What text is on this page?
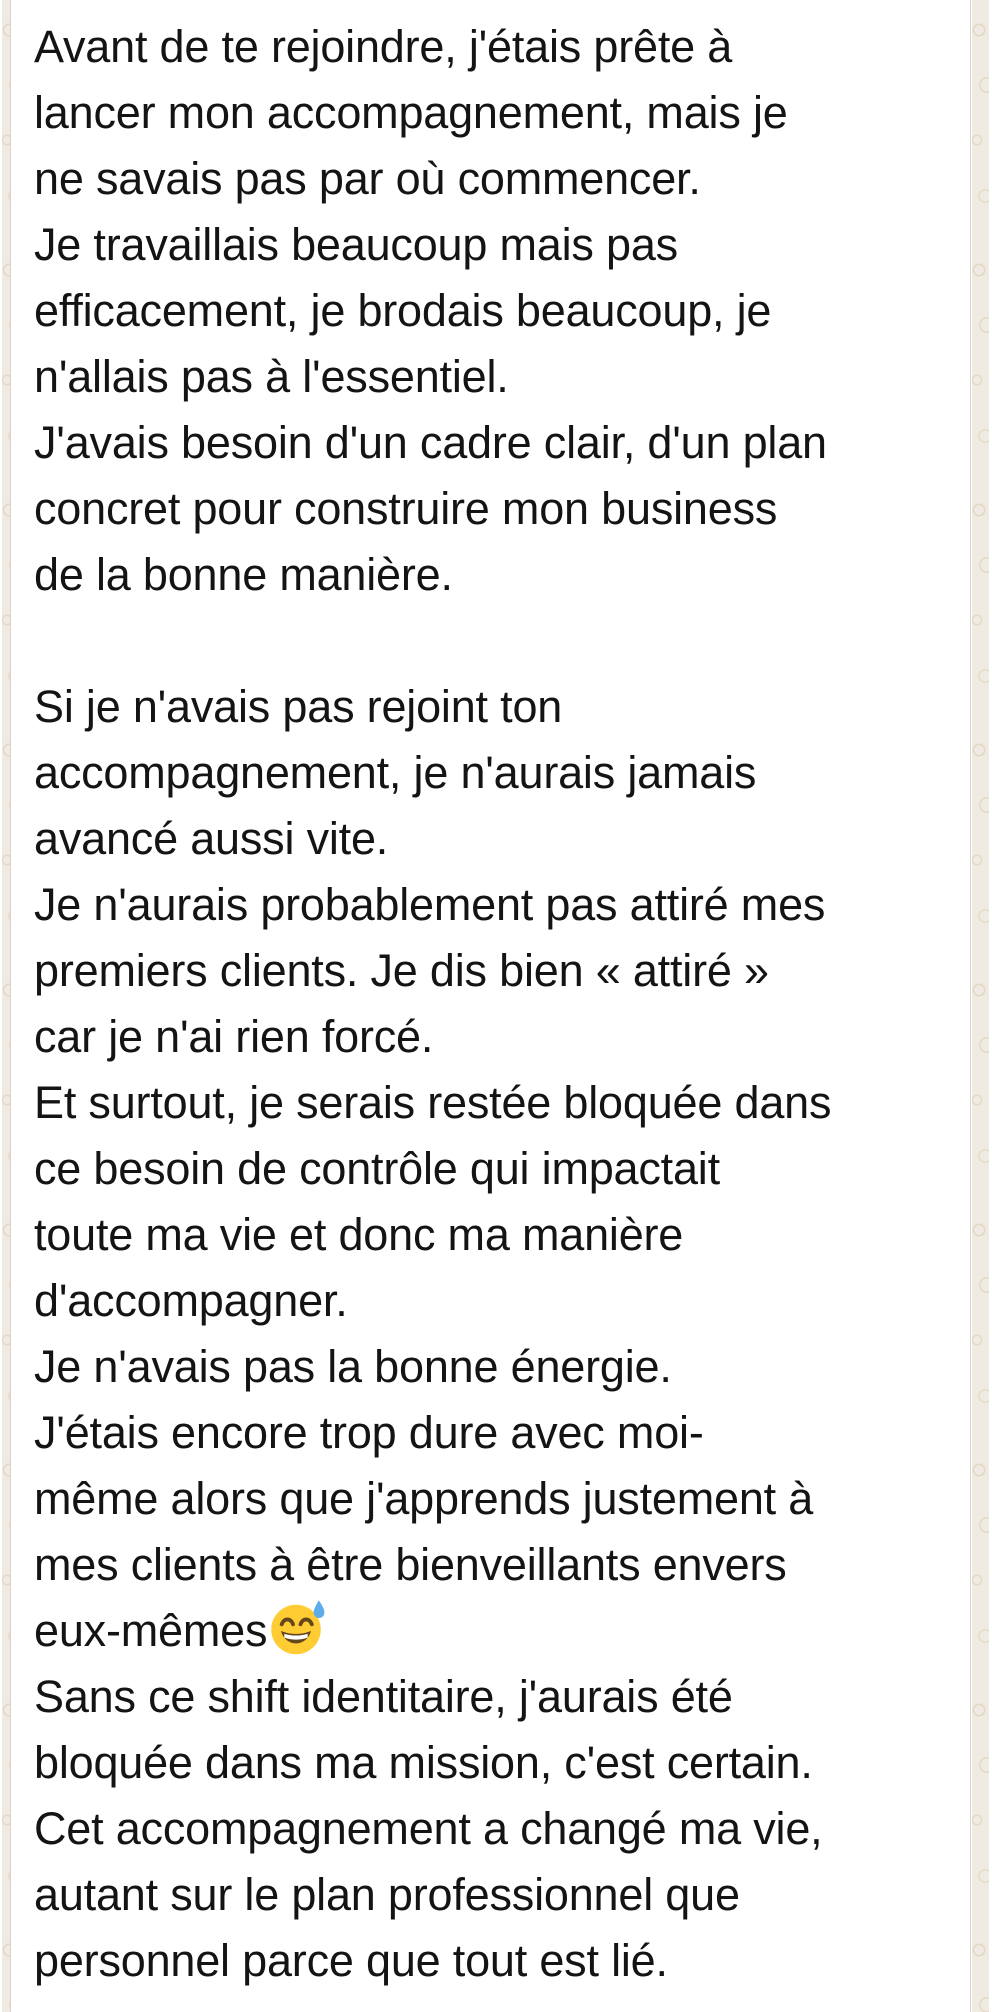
Avant de te rejoindre, j'étais prête à
lancer mon accompagnement, mais je
ne savais pas par où commencer.
Je travaillais beaucoup mais pas
efficacement, je brodais beaucoup, je
n'allais pas à l'essentiel.
J'avais besoin d'un cadre clair, d'un plan
concret pour construire mon business
de la bonne manière.
Si je n'avais pas rejoint ton
accompagnement, je n'aurais jamais
avancé aussi vite.
Je n'aurais probablement pas attiré mes
premiers clients. Je dis bien « attiré »
car je n'ai rien forcé.
Et surtout, je serais restée bloquée dans
ce besoin de contrôle qui impactait
toute ma vie et donc ma manière
d'accompagner.
Je n'avais pas la bonne énergie.
J'étais encore trop dure avec moi-
même alors que j'apprends justement à
mes clients à être bienveillants envers
eux-mêmes
Sans ce shift identitaire, j'aurais été
bloquée dans ma mission, c'est certain.
Cet accompagnement a changé ma vie,
autant sur le plan professionnel que
personnel parce que tout est lié.
